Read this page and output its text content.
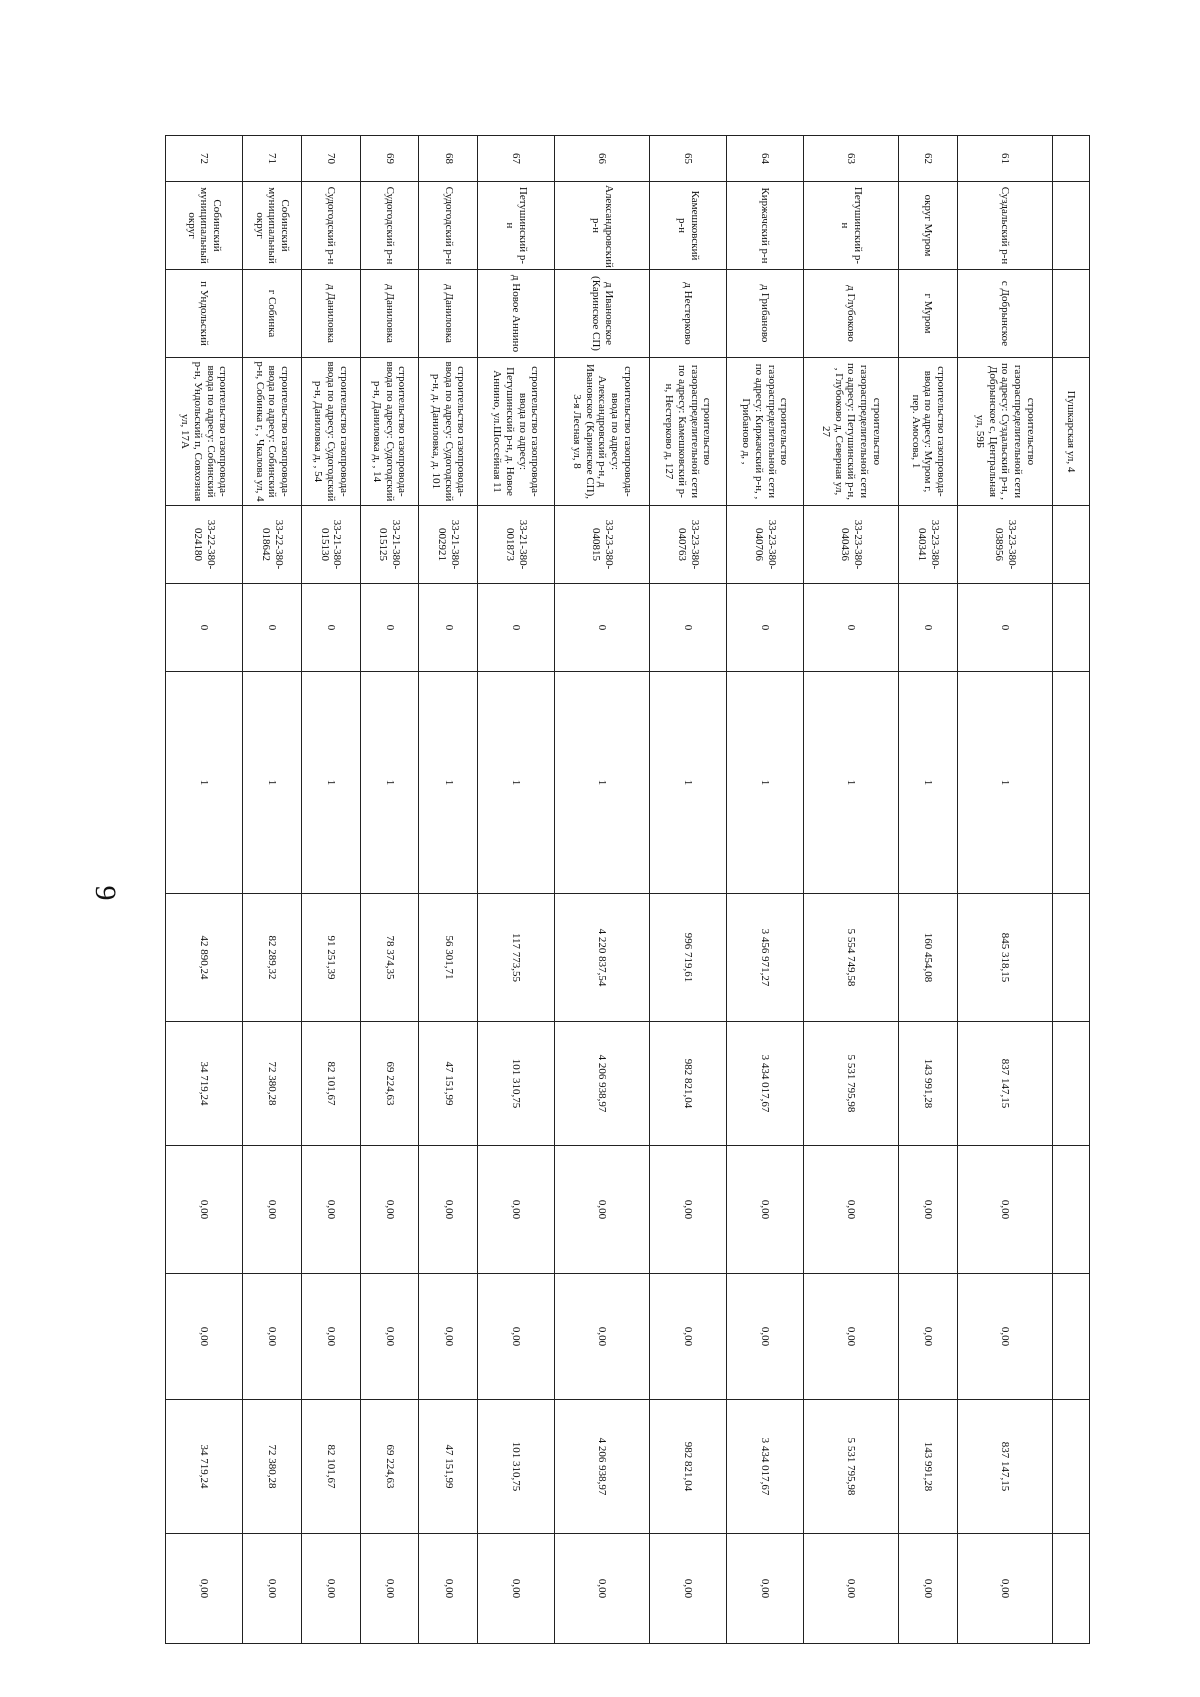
9
			Пушкарская ул, 4									
61	Суздальский р-н	с Добрынское	строительство газораспределительной сети по адресу: Суздальский р-н, , Добрынское с, Центральная ул, 59Б	33-23-380-038956	0	1	845 318,15	837 147,15	0,00	0,00	837 147,15	0,00
62	округ Муром	г Муром	строительство газопровода-ввода по адресу: Муром г, пер. Амосова, 1	33-23-380-040341	0	1	160 454,08	143 991,28	0,00	0,00	143 991,28	0,00
63	Петушинский р-н	д Глубоково	строительство газораспределительной сети по адресу: Петушинский р-н, , Глубоково д, Северная ул, 27	33-23-380-040436	0	1	5 554 749,58	5 531 795,98	0,00	0,00	5 531 795,98	0,00
64	Киржачский р-н	д Грибаново	строительство газораспределительной сети по адресу: Киржачский р-н, , Грибаново д, ,	33-23-380-040706	0	1	3 456 971,27	3 434 017,67	0,00	0,00	3 434 017,67	0,00
65	Камешковский р-н	д Нестерково	строительство газораспределительной сети по адресу: Камешковский р-н, Нестерково д, 127	33-23-380-040763	0	1	996 719,61	982 821,04	0,00	0,00	982 821,04	0,00
66	Александровский р-н	д Ивановское (Каринское СП)	строительство газопровода-ввода по адресу: Александровский р-н, д Ивановское (Каринское СП), 3-я Лесная ул, 8	33-23-380-040815	0	1	4 220 837,54	4 206 938,97	0,00	0,00	4 206 938,97	0,00
67	Петушинский р-н	д Новое Аннино	строительство газопровода-ввода по адресу: Петушинский р-н, д. Новое Аннино, ул.Шоссейная 11	33-21-380-001873	0	1	117 773,55	101 310,75	0,00	0,00	101 310,75	0,00
68	Судогодский р-н	д Даниловка	строительство газопровода-ввода по адресу: Судогодский р-н, д. Даниловка, д. 101	33-21-380-002921	0	1	56 301,71	47 151,99	0,00	0,00	47 151,99	0,00
69	Судогодский р-н	д Даниловка	строительство газопровода-ввода по адресу: Судогодский р-н, Даниловка д, , 14	33-21-380-015125	0	1	78 374,35	69 224,63	0,00	0,00	69 224,63	0,00
70	Судогодский р-н	д Даниловка	строительство газопровода-ввода по адресу: Судогодский р-н, Даниловка д, , 54	33-21-380-015130	0	1	91 251,39	82 101,67	0,00	0,00	82 101,67	0,00
71	Собинский муниципальный округ	г Собинка	строительство газопровода-ввода по адресу: Собинский р-н, Собинка г, , Чкалова ул, 4	33-22-380-018642	0	1	82 289,32	72 380,28	0,00	0,00	72 380,28	0,00
72	Собинский муниципальный округ	п Ундольский	строительство газопровода-ввода по адресу: Собинский р-н, Ундольский п, Совхозная ул, 17А	33-22-380-024180	0	1	42 890,24	34 719,24	0,00	0,00	34 719,24	0,00
